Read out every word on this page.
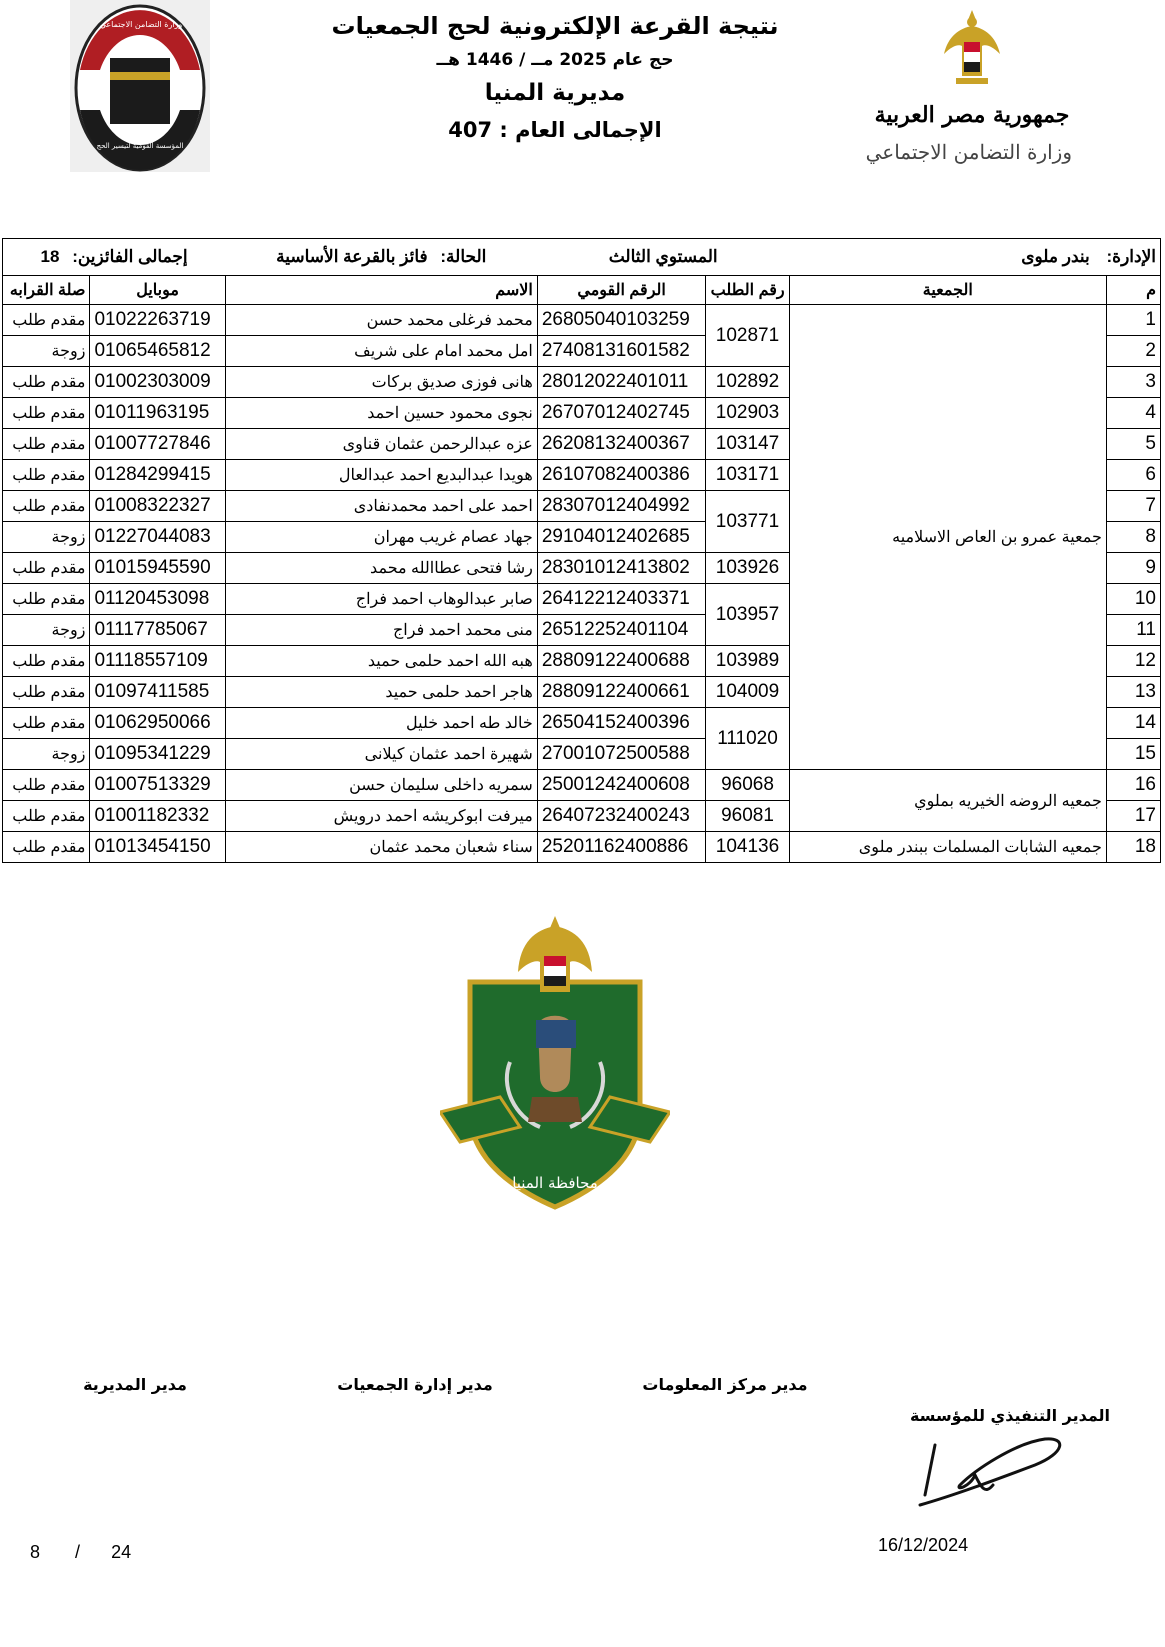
جمهورية مصر العربية
وزارة التضامن الاجتماعي
وزارة التضامن الاجتماعي
المؤسسة القومية لتيسير الحج
نتيجة القرعة الإلكترونية لحج الجمعيات
حج عام 2025 مــ / 1446 هــ
مديرية المنيا
الإجمالى العام : 407
الإدارة: بندر ملوى		المستوي الثالث		الحالة: فائز بالقرعة الأساسية	إجمالى الفائزين: 18	
م	الجمعية	رقم الطلب	الرقم القومي	الاسم	موبايل	صلة القرابه
1	جمعية عمرو بن العاص الاسلاميه	102871	26805040103259	محمد فرغلى محمد حسن	01022263719	مقدم طلب
2			27408131601582	امل محمد امام على شريف	01065465812	زوجة
3		102892	28012022401011	هانى فوزى صديق بركات	01002303009	مقدم طلب
4		102903	26707012402745	نجوى محمود حسين احمد	01011963195	مقدم طلب
5		103147	26208132400367	عزه عبدالرحمن عثمان قناوى	01007727846	مقدم طلب
6		103171	26107082400386	هويدا عبدالبديع احمد عبدالعال	01284299415	مقدم طلب
7		103771	28307012404992	احمد على احمد محمدنفادى	01008322327	مقدم طلب
8			29104012402685	جهاد عصام غريب مهران	01227044083	زوجة
9		103926	28301012413802	رشا فتحى عطاالله محمد	01015945590	مقدم طلب
10		103957	26412212403371	صابر عبدالوهاب احمد فراج	01120453098	مقدم طلب
11			26512252401104	منى محمد احمد فراج	01117785067	زوجة
12		103989	28809122400688	هبه الله احمد حلمى حميد	01118557109	مقدم طلب
13		104009	28809122400661	هاجر احمد حلمى حميد	01097411585	مقدم طلب
14		111020	26504152400396	خالد طه احمد خليل	01062950066	مقدم طلب
15			27001072500588	شهيرة احمد عثمان كيلانى	01095341229	زوجة
16	جمعيه الروضه الخيريه بملوي	96068	25001242400608	سمريه داخلى سليمان حسن	01007513329	مقدم طلب
17		96081	26407232400243	ميرفت ابوكريشه احمد درويش	01001182332	مقدم طلب
18	جمعيه الشابات المسلمات ببندر ملوى	104136	25201162400886	سناء شعبان محمد عثمان	01013454150	مقدم طلب
محافظة المنيا
مدير المديرية	مدير إدارة الجمعيات	مدير مركز المعلومات
المدير التنفيذي للمؤسسة
16/12/2024
8 / 24
